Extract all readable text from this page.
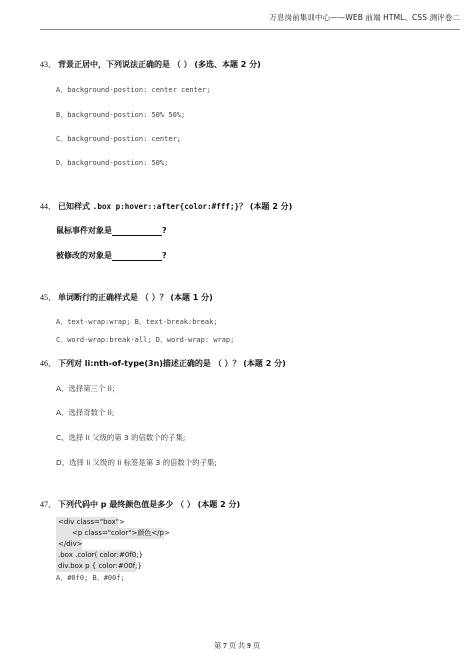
万息岗前集训中心——WEB 前端 HTML、CSS 测评卷二
43、 背景正居中，下列说法正确的是 （ ） (多选、本题 2 分)
A、background-postion: center center;
B、background-postion: 50% 50%;
C、background-postion: center;
D、background-postion: 50%;
44、 已知样式 .box p:hover::after{color:#fff;}？ (本题 2 分)
鼠标事件对象是	?
被修改的对象是	?
45、 单词断行的正确样式是 （ ）？ (本题 1 分)
A、text-wrap:wrap; B、text-break:break;
C、word-wrap:break-all; D、word-wrap: wrap;
46、 下列对 li:nth-of-type(3n)描述正确的是 （ ）？ (本题 2 分)
A、选择第三个 li；
A、选择奇数个 li;
C、选择 li 父级的第 3 的倍数个的子集;
D、选择 li 父级的 li 标签是第 3 的倍数个的子集;
47、 下列代码中 p 最终颜色值是多少 （ ） (本题 2 分)
<div class="box">
<p class="color">颜色</p>
</div>
.box .color( color:#0f0;}
div.box p { color:#00f;}
A、#0f0; B、#00f;
第 7 页 共 9 页
